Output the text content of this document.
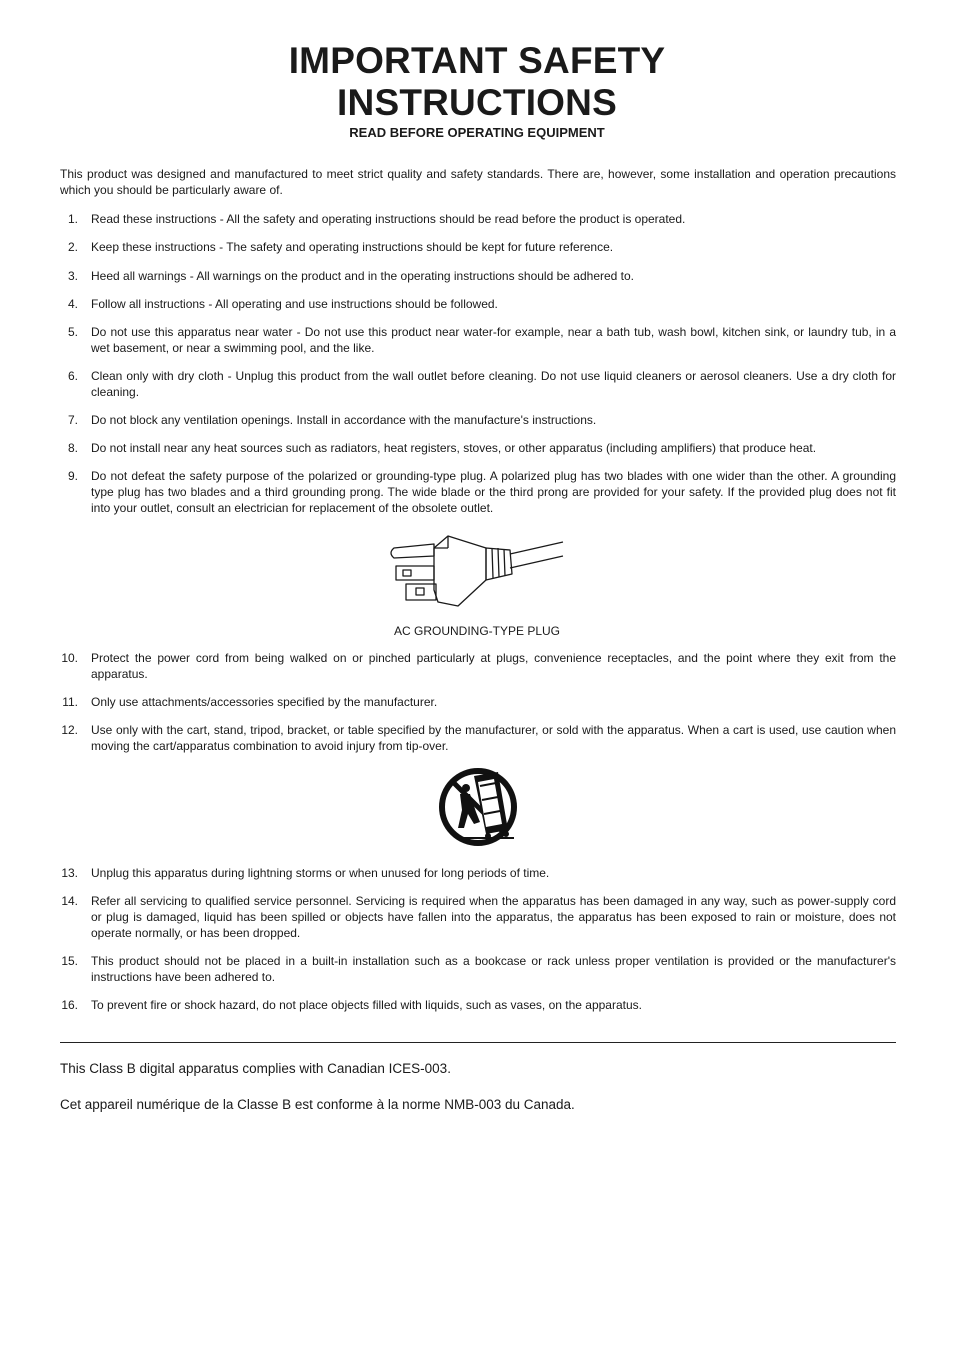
IMPORTANT SAFETY
INSTRUCTIONS
READ BEFORE OPERATING EQUIPMENT
This product was designed and manufactured to meet strict quality and safety standards. There are, however, some installation and operation precautions which you should be particularly aware of.
1. Read these instructions - All the safety and operating instructions should be read before the product is operated.
2. Keep these instructions - The safety and operating instructions should be kept for future reference.
3. Heed all warnings - All warnings on the product and in the operating instructions should be adhered to.
4. Follow all instructions - All operating and use instructions should be followed.
5. Do not use this apparatus near water - Do not use this product near water-for example, near a bath tub, wash bowl, kitchen sink, or laundry tub, in a wet basement, or near a swimming pool, and the like.
6. Clean only with dry cloth - Unplug this product from the wall outlet before cleaning. Do not use liquid cleaners or aerosol cleaners. Use a dry cloth for cleaning.
7. Do not block any ventilation openings. Install in accordance with the manufacture's instructions.
8. Do not install near any heat sources such as radiators, heat registers, stoves, or other apparatus (including amplifiers) that produce heat.
9. Do not defeat the safety purpose of the polarized or grounding-type plug. A polarized plug has two blades with one wider than the other. A grounding type plug has two blades and a third grounding prong. The wide blade or the third prong are provided for your safety. If the provided plug does not fit into your outlet, consult an electrician for replacement of the obsolete outlet.
AC GROUNDING-TYPE PLUG
10. Protect the power cord from being walked on or pinched particularly at plugs, convenience receptacles, and the point where they exit from the apparatus.
11. Only use attachments/accessories specified by the manufacturer.
12. Use only with the cart, stand, tripod, bracket, or table specified by the manufacturer, or sold with the apparatus. When a cart is used, use caution when moving the cart/apparatus combination to avoid injury from tip-over.
13. Unplug this apparatus during lightning storms or when unused for long periods of time.
14. Refer all servicing to qualified service personnel. Servicing is required when the apparatus has been damaged in any way, such as power-supply cord or plug is damaged, liquid has been spilled or objects have fallen into the apparatus, the apparatus has been exposed to rain or moisture, does not operate normally, or has been dropped.
15. This product should not be placed in a built-in installation such as a bookcase or rack unless proper ventilation is provided or the manufacturer's instructions have been adhered to.
16. To prevent fire or shock hazard, do not place objects filled with liquids, such as vases, on the apparatus.
This Class B digital apparatus complies with Canadian ICES-003.
Cet appareil numérique de la Classe B est conforme à la norme NMB-003 du Canada.
